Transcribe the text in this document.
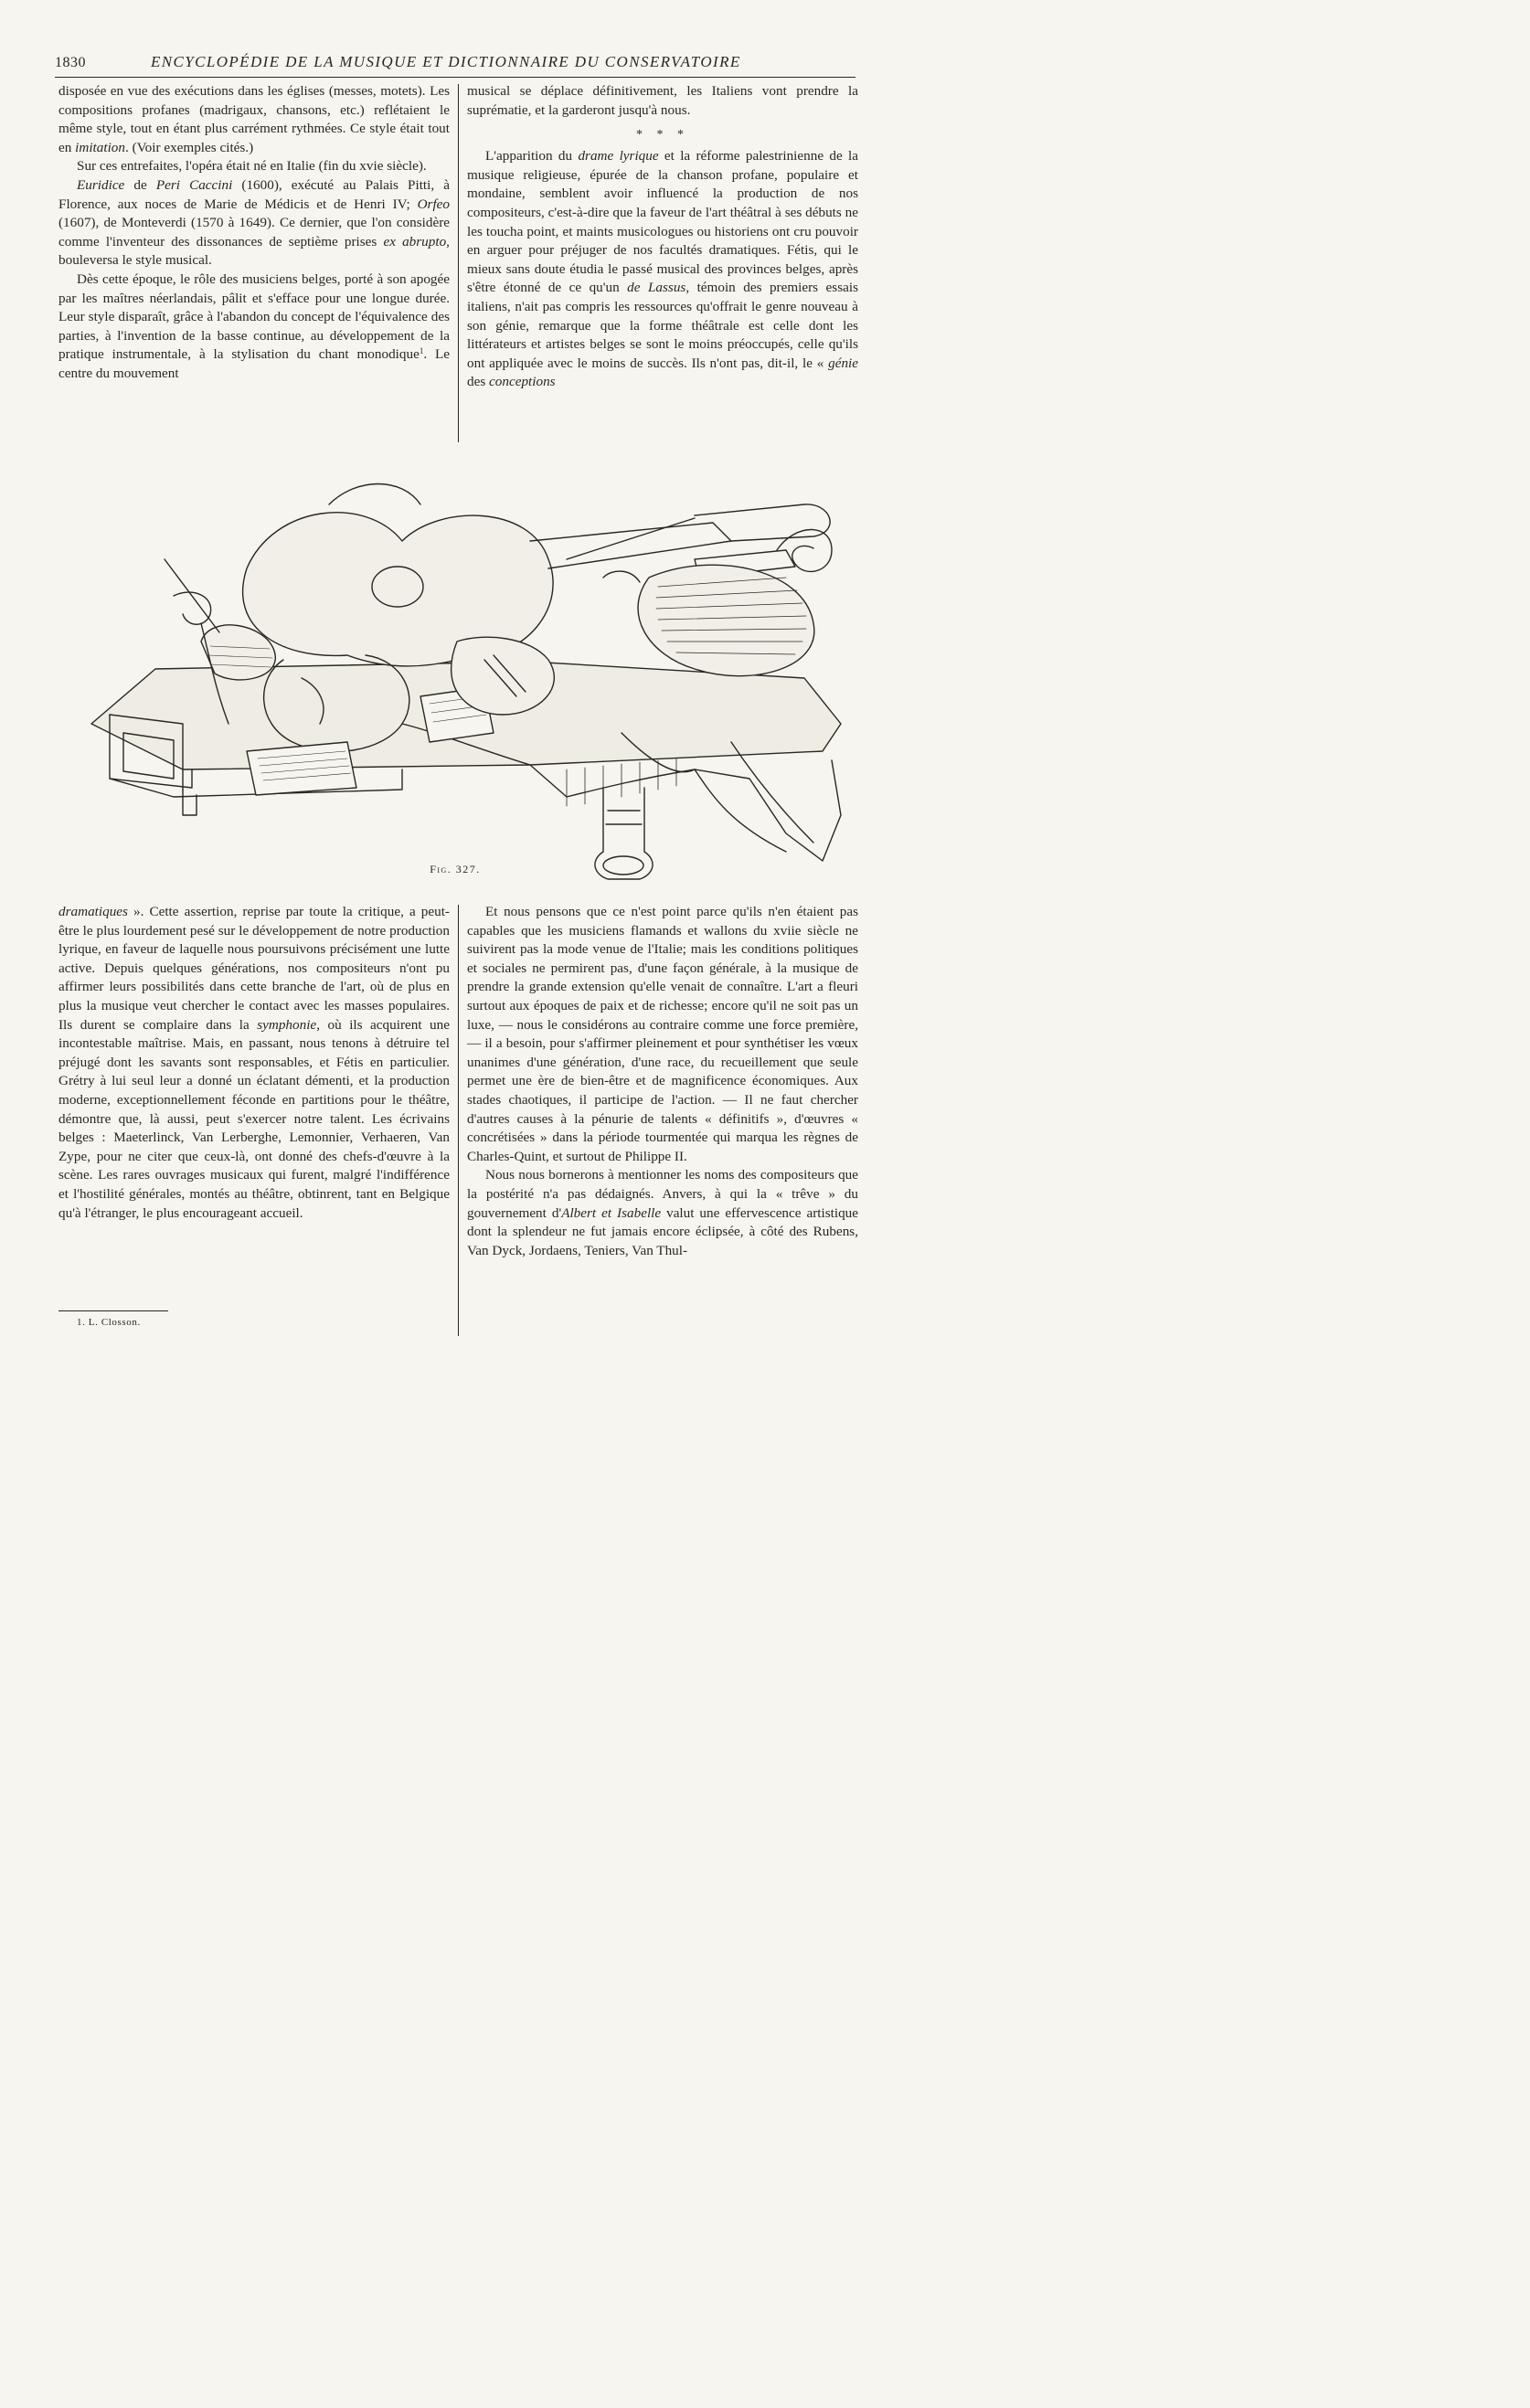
1830	ENCYCLOPÉDIE DE LA MUSIQUE ET DICTIONNAIRE DU CONSERVATOIRE

disposée en vue des exécutions dans les églises (messes, motets). Les compositions profanes (madrigaux, chansons, etc.) reflétaient le même style, tout en étant plus carrément rythmées. Ce style était tout en imitation. (Voir exemples cités.)

Sur ces entrefaites, l'opéra était né en Italie (fin du xvie siècle).

Euridice de Peri Caccini (1600), exécuté au Palais Pitti, à Florence, aux noces de Marie de Médicis et de Henri IV; Orfeo (1607), de Monteverdi (1570 à 1649). Ce dernier, que l'on considère comme l'inventeur des dissonances de septième prises ex abrupto, bouleversa le style musical.

Dès cette époque, le rôle des musiciens belges, porté à son apogée par les maîtres néerlandais, pâlit et s'efface pour une longue durée. Leur style disparaît, grâce à l'abandon du concept de l'équivalence des parties, à l'invention de la basse continue, au développement de la pratique instrumentale, à la stylisation du chant monodique$^1$. Le centre du mouvement

musical se déplace définitivement, les Italiens vont prendre la suprématie, et la garderont jusqu'à nous.

* * *

L'apparition du drame lyrique et la réforme palestrinienne de la musique religieuse, épurée de la chanson profane, populaire et mondaine, semblent avoir influencé la production de nos compositeurs, c'est-à-dire que la faveur de l'art théâtral à ses débuts ne les toucha point, et maints musicologues ou historiens ont cru pouvoir en arguer pour préjuger de nos facultés dramatiques. Fétis, qui le mieux sans doute étudia le passé musical des provinces belges, après s'être étonné de ce qu'un de Lassus, témoin des premiers essais italiens, n'ait pas compris les ressources qu'offrait le genre nouveau à son génie, remarque que la forme théâtrale est celle dont les littérateurs et artistes belges se sont le moins préoccupés, celle qu'ils ont appliquée avec le moins de succès. Ils n'ont pas, dit-il, le « génie des conceptions

Fig. 327.

dramatiques ». Cette assertion, reprise par toute la critique, a peut-être le plus lourdement pesé sur le développement de notre production lyrique, en faveur de laquelle nous poursuivons précisément une lutte active. Depuis quelques générations, nos compositeurs n'ont pu affirmer leurs possibilités dans cette branche de l'art, où de plus en plus la musique veut chercher le contact avec les masses populaires. Ils durent se complaire dans la symphonie, où ils acquirent une incontestable maîtrise. Mais, en passant, nous tenons à détruire tel préjugé dont les savants sont responsables, et Fétis en particulier. Grétry à lui seul leur a donné un éclatant démenti, et la production moderne, exceptionnellement féconde en partitions pour le théâtre, démontre que, là aussi, peut s'exercer notre talent. Les écrivains belges : Maeterlinck, Van Lerberghe, Lemonnier, Verhaeren, Van Zype, pour ne citer que ceux-là, ont donné des chefs-d'œuvre à la scène. Les rares ouvrages musicaux qui furent, malgré l'indifférence et l'hostilité générales, montés au théâtre, obtinrent, tant en Belgique qu'à l'étranger, le plus encourageant accueil.

Et nous pensons que ce n'est point parce qu'ils n'en étaient pas capables que les musiciens flamands et wallons du xviie siècle ne suivirent pas la mode venue de l'Italie; mais les conditions politiques et sociales ne permirent pas, d'une façon générale, à la musique de prendre la grande extension qu'elle venait de connaître. L'art a fleuri surtout aux époques de paix et de richesse; encore qu'il ne soit pas un luxe, — nous le considérons au contraire comme une force première, — il a besoin, pour s'affirmer pleinement et pour synthétiser les vœux unanimes d'une génération, d'une race, du recueillement que seule permet une ère de bien-être et de magnificence économiques. Aux stades chaotiques, il participe de l'action. — Il ne faut chercher d'autres causes à la pénurie de talents « définitifs », d'œuvres « concrétisées » dans la période tourmentée qui marqua les règnes de Charles-Quint, et surtout de Philippe II.

Nous nous bornerons à mentionner les noms des compositeurs que la postérité n'a pas dédaignés. Anvers, à qui la « trêve » du gouvernement d'Albert et Isabelle valut une effervescence artistique dont la splendeur ne fut jamais encore éclipsée, à côté des Rubens, Van Dyck, Jordaens, Teniers, Van Thul-

1. L. Closson.
